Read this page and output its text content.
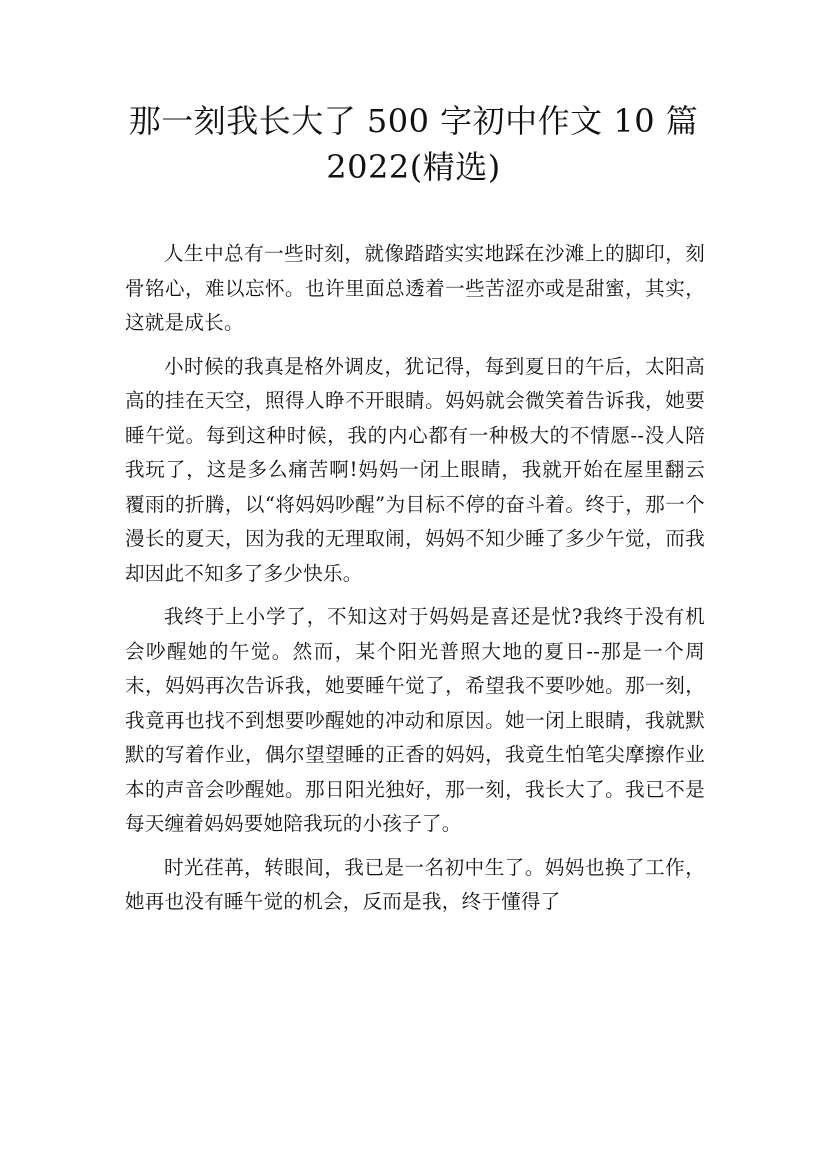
那一刻我长大了 500 字初中作文 10 篇
2022(精选)

人生中总有一些时刻，就像踏踏实实地踩在沙滩上的脚印，刻骨铭心，难以忘怀。也许里面总透着一些苦涩亦或是甜蜜，其实，这就是成长。

小时候的我真是格外调皮，犹记得，每到夏日的午后，太阳高高的挂在天空，照得人睁不开眼睛。妈妈就会微笑着告诉我，她要睡午觉。每到这种时候，我的内心都有一种极大的不情愿--没人陪我玩了，这是多么痛苦啊!妈妈一闭上眼睛，我就开始在屋里翻云覆雨的折腾，以“将妈妈吵醒”为目标不停的奋斗着。终于，那一个漫长的夏天，因为我的无理取闹，妈妈不知少睡了多少午觉，而我却因此不知多了多少快乐。

我终于上小学了，不知这对于妈妈是喜还是忧?我终于没有机会吵醒她的午觉。然而，某个阳光普照大地的夏日--那是一个周末，妈妈再次告诉我，她要睡午觉了，希望我不要吵她。那一刻，我竟再也找不到想要吵醒她的冲动和原因。她一闭上眼睛，我就默默的写着作业，偶尔望望睡的正香的妈妈，我竟生怕笔尖摩擦作业本的声音会吵醒她。那日阳光独好，那一刻，我长大了。我已不是每天缠着妈妈要她陪我玩的小孩子了。

时光荏苒，转眼间，我已是一名初中生了。妈妈也换了工作，她再也没有睡午觉的机会，反而是我，终于懂得了
